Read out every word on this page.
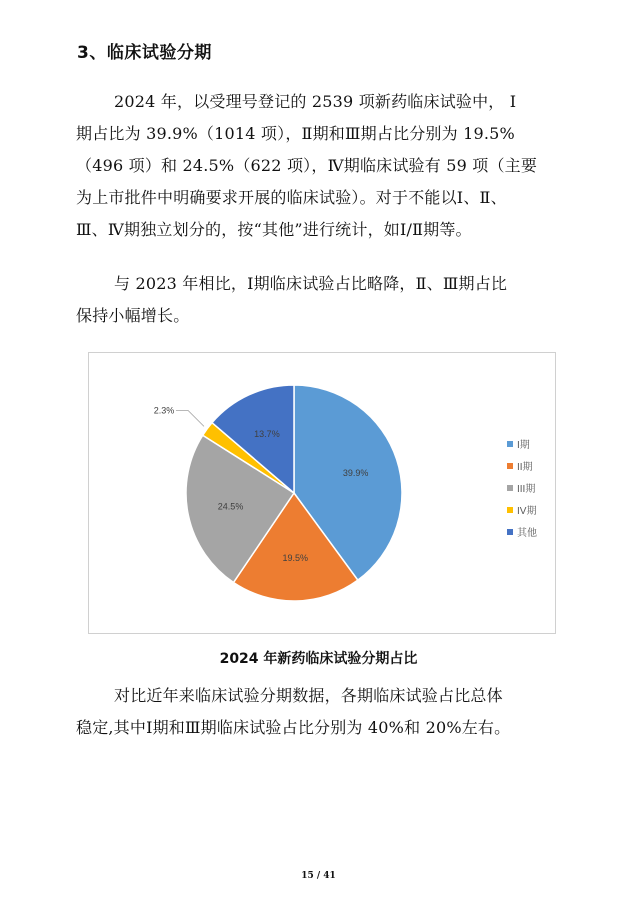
3、临床试验分期

2024 年，以受理号登记的 2539 项新药临床试验中， I

期占比为 39.9%（1014 项），Ⅱ期和Ⅲ期占比分别为 19.5%

（496 项）和 24.5%（622 项），Ⅳ期临床试验有 59 项（主要

为上市批件中明确要求开展的临床试验）。对于不能以Ⅰ、Ⅱ、

Ⅲ、Ⅳ期独立划分的，按“其他”进行统计，如Ⅰ/Ⅱ期等。

与 2023 年相比，Ⅰ期临床试验占比略降，Ⅱ、Ⅲ期占比

保持小幅增长。

39.9%
19.5%
24.5%
2.3%
13.7%
I期
II期
III期
IV期
其他
2024 年新药临床试验分期占比

对比近年来临床试验分期数据，各期临床试验占比总体

稳定,其中Ⅰ期和Ⅲ期临床试验占比分别为 40%和 20%左右。

15 / 41
